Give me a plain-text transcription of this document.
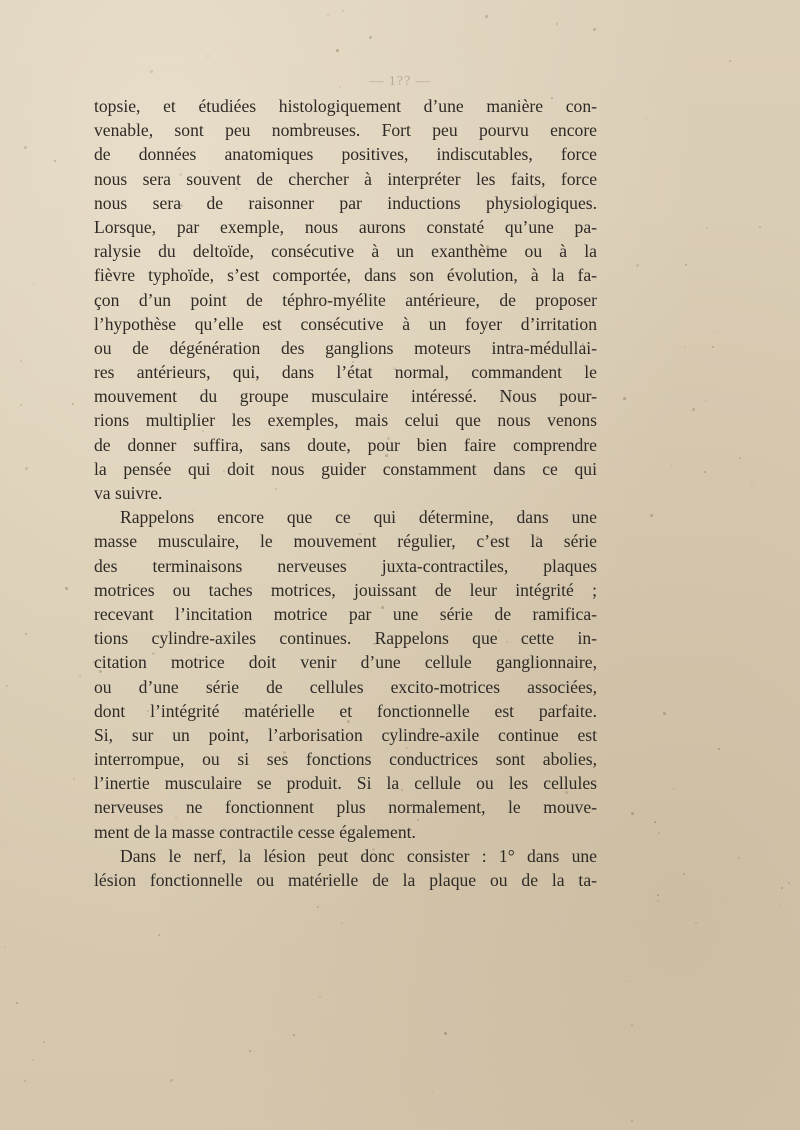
— 1?? —
topsie, et étudiées histologiquement d’une manière con-
venable, sont peu nombreuses. Fort peu pourvu encore
de données anatomiques positives, indiscutables, force
nous sera souvent de chercher à interpréter les faits, force
nous sera de raisonner par inductions physiologiques.
Lorsque, par exemple, nous aurons constaté qu’une pa-
ralysie du deltoïde, consécutive à un exanthème ou à la
fièvre typhoïde, s’est comportée, dans son évolution, à la fa-
çon d’un point de téphro-myélite antérieure, de proposer
l’hypothèse qu’elle est consécutive à un foyer d’irritation
ou de dégénération des ganglions moteurs intra-médullai-
res antérieurs, qui, dans l’état normal, commandent le
mouvement du groupe musculaire intéressé. Nous pour-
rions multiplier les exemples, mais celui que nous venons
de donner suffira, sans doute, pour bien faire comprendre
la pensée qui doit nous guider constamment dans ce qui
va suivre.
Rappelons encore que ce qui détermine, dans une
masse musculaire, le mouvement régulier, c’est la série
des terminaisons nerveuses juxta-contractiles, plaques
motrices ou taches motrices, jouissant de leur intégrité ;
recevant l’incitation motrice par une série de ramifica-
tions cylindre-axiles continues. Rappelons que cette in-
citation motrice doit venir d’une cellule ganglionnaire,
ou d’une série de cellules excito-motrices associées,
dont l’intégrité matérielle et fonctionnelle est parfaite.
Si, sur un point, l’arborisation cylindre-axile continue est
interrompue, ou si ses fonctions conductrices sont abolies,
l’inertie musculaire se produit. Si la cellule ou les cellules
nerveuses ne fonctionnent plus normalement, le mouve-
ment de la masse contractile cesse également.
Dans le nerf, la lésion peut donc consister : 1° dans une
lésion fonctionnelle ou matérielle de la plaque ou de la ta-
